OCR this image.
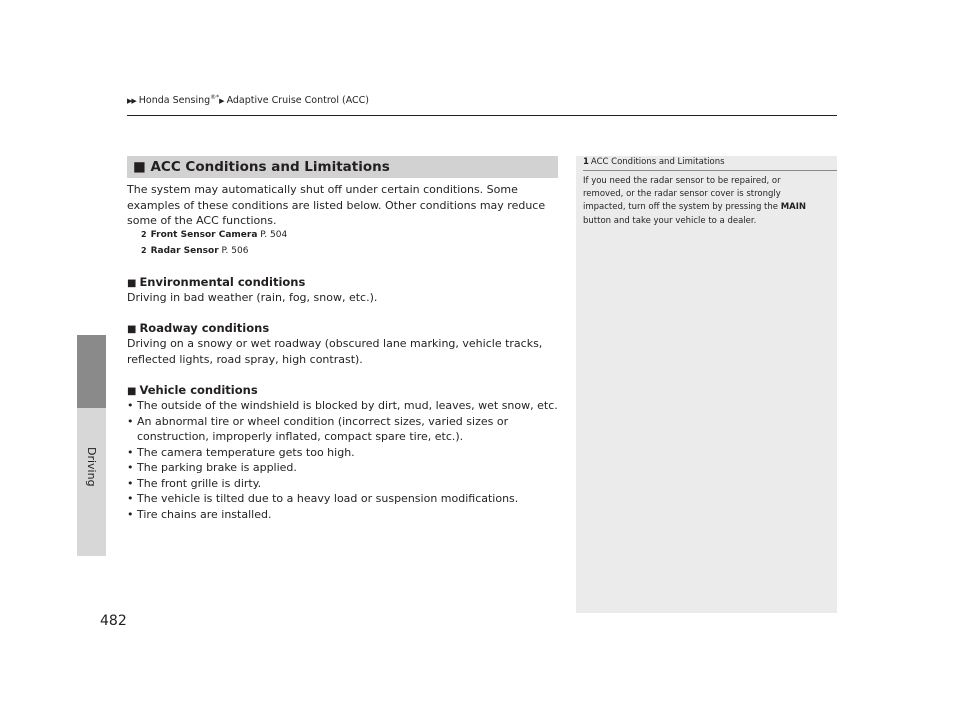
▶▶ Honda Sensing®*▶ Adaptive Cruise Control (ACC)
Driving
■ ACC Conditions and Limitations
The system may automatically shut off under certain conditions. Some examples of these conditions are listed below. Other conditions may reduce some of the ACC functions.
2 Front Sensor Camera P. 504
2 Radar Sensor P. 506
■ Environmental conditions
Driving in bad weather (rain, fog, snow, etc.).
■ Roadway conditions
Driving on a snowy or wet roadway (obscured lane marking, vehicle tracks, reflected lights, road spray, high contrast).
■ Vehicle conditions
• The outside of the windshield is blocked by dirt, mud, leaves, wet snow, etc.
• An abnormal tire or wheel condition (incorrect sizes, varied sizes or construction, improperly inflated, compact spare tire, etc.).
• The camera temperature gets too high.
• The parking brake is applied.
• The front grille is dirty.
• The vehicle is tilted due to a heavy load or suspension modifications.
• Tire chains are installed.
1 ACC Conditions and Limitations
If you need the radar sensor to be repaired, or removed, or the radar sensor cover is strongly impacted, turn off the system by pressing the MAIN button and take your vehicle to a dealer.
482
